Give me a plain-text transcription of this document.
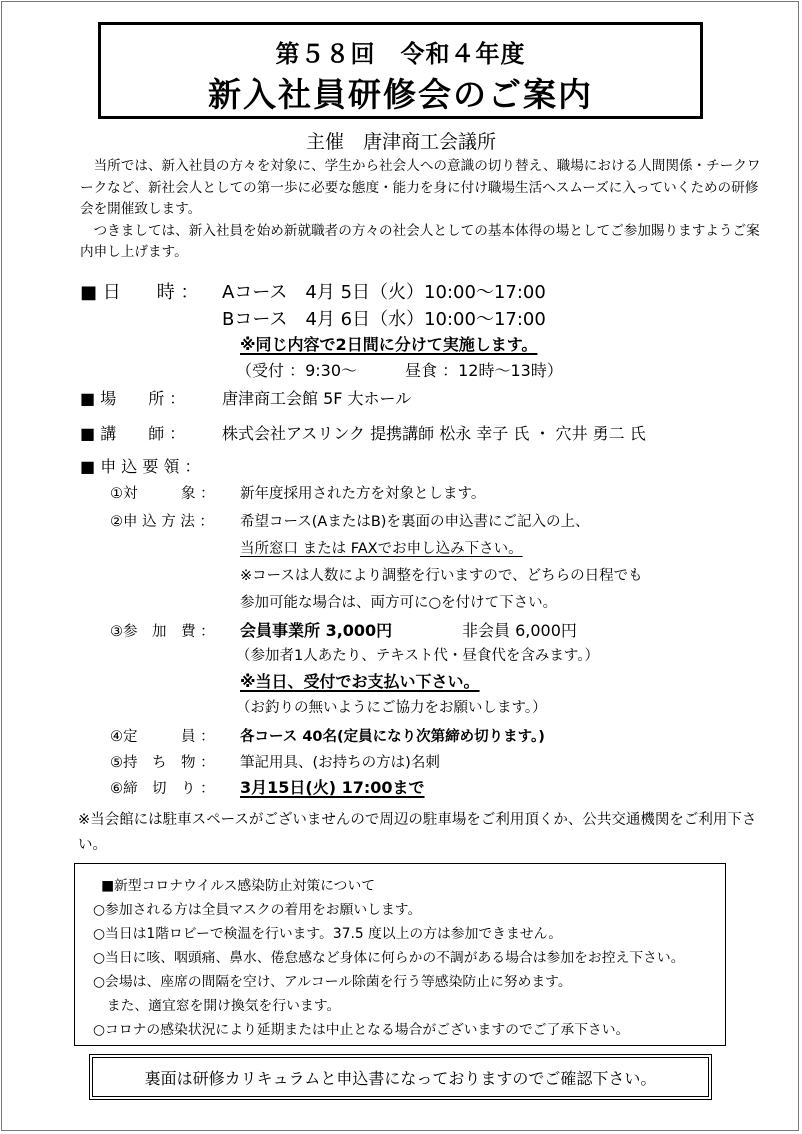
第５８回　令和４年度
新入社員研修会のご案内
主催　唐津商工会議所

当所では、新入社員の方々を対象に、学生から社会人への意識の切り替え、職場における人間関係・チークワークなど、新社会人としての第一歩に必要な態度・能力を身に付け職場生活へスムーズに入っていくための研修会を開催致します。

つきましては、新入社員を始め新就職者の方々の社会人としての基本体得の場としてご参加賜りますようご案内申し上げます。

■ 日　　時 ： Aコース　4月 5日（火）10:00～17:00
Bコース　4月 6日（水）10:00～17:00
※同じ内容で2日間に分けて実施します。
（受付 ：9:30～　　　昼食 ：12時～13時）
■ 場　　所 ： 唐津商工会館 5F 大ホール
■ 講　　師 ： 株式会社アスリンク 提携講師 松永 幸子 氏 ・ 穴井 勇二 氏
■ 申 込 要 領 ：
①対　　　象 ： 新年度採用された方を対象とします。
②申 込 方 法 ： 希望コース(AまたはB)を裏面の申込書にご記入の上、
当所窓口 または FAXでお申し込み下さい。
※コースは人数により調整を行いますので、どちらの日程でも
参加可能な場合は、両方可に○を付けて下さい。
③参　加　費 ： 会員事業所 3,000円	非会員 6,000円
（参加者1人あたり、テキスト代・昼食代を含みます。）
※当日、受付でお支払い下さい。
（お釣りの無いようにご協力をお願いします。）
④定　　　員 ： 各コース 40名(定員になり次第締め切ります。)
⑤持　ち　物 ： 筆記用具、(お持ちの方は)名刺
⑥締　切　り ： 3月15日(火) 17:00まで
※当会館には駐車スペースがございませんので周辺の駐車場をご利用頂くか、公共交通機関をご利用下さい。
■新型コロナウイルス感染防止対策について
○参加される方は全員マスクの着用をお願いします。
○当日は1階ロビーで検温を行います。37.5 度以上の方は参加できません。
○当日に咳、咽頭痛、鼻水、倦怠感など身体に何らかの不調がある場合は参加をお控え下さい。
○会場は、座席の間隔を空け、アルコール除菌を行う等感染防止に努めます。
　また、適宜窓を開け換気を行います。
○コロナの感染状況により延期または中止となる場合がございますのでご了承下さい。
裏面は研修カリキュラムと申込書になっておりますのでご確認下さい。
